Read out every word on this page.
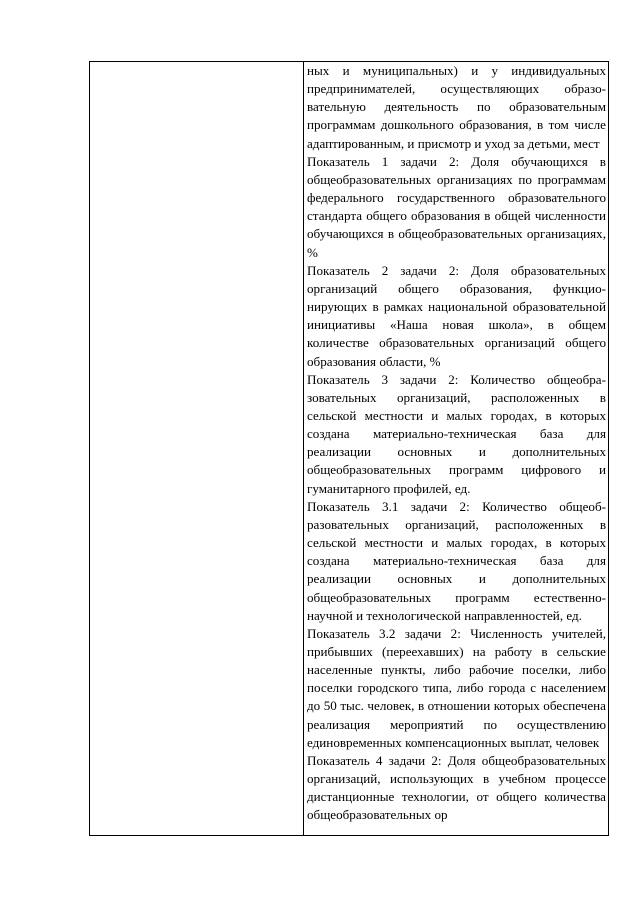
ных и муниципальных) и у индивидуальных предпринимателей, осуществляющих образовательную деятельность по образовательным программам дошкольного образования, в том числе адаптированным, и присмотр и уход за детьми, мест

Показатель 1 задачи 2: Доля обучающихся в общеобразовательных организациях по программам федерального государственного образовательного стандарта общего образования в общей численности обучающихся в общеобразовательных организациях, %

Показатель 2 задачи 2: Доля образовательных организаций общего образования, функционирующих в рамках национальной образовательной инициативы «Наша новая школа», в общем количестве образовательных организаций общего образования области, %

Показатель 3 задачи 2: Количество общеобразовательных организаций, расположенных в сельской местности и малых городах, в которых создана материально-техническая база для реализации основных и дополнительных общеобразовательных программ цифрового и гуманитарного профилей, ед.

Показатель 3.1 задачи 2: Количество общеобразовательных организаций, расположенных в сельской местности и малых городах, в которых создана материально-техническая база для реализации основных и дополнительных общеобразовательных программ естественно-научной и технологической направленностей, ед.

Показатель 3.2 задачи 2: Численность учителей, прибывших (переехавших) на работу в сельские населенные пункты, либо рабочие поселки, либо поселки городского типа, либо города с населением до 50 тыс. человек, в отношении которых обеспечена реализация мероприятий по осуществлению единовременных компенсационных выплат, человек

Показатель 4 задачи 2: Доля общеобразовательных организаций, использующих в учебном процессе дистанционные технологии, от общего количества общеобразовательных ор
